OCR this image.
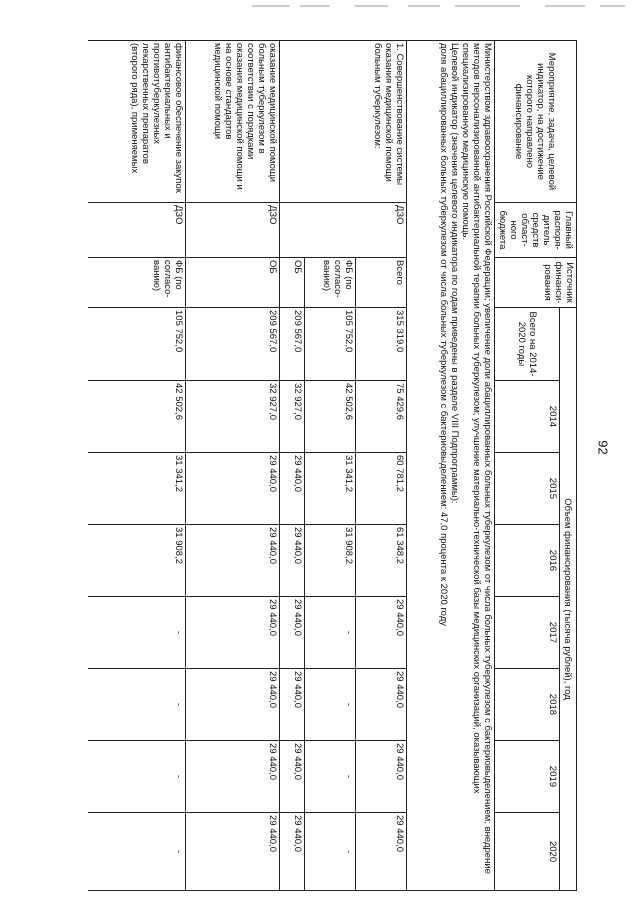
92
Мероприятие, задача, целевой индикатор, на достижение которого направлено финансирование	Главный распоря-дитель средств област-ного бюджета	Источник финанси-рования	Объем финансирования (тысяча рублей), год							
			Всего на 2014-2020 годы	2014	2015	2016	2017	2018	2019	2020

Министерством здравоохранения Российской Федерации; увеличение доли абациллированных больных туберкулезом от числа больных туберкулезом с бактериовыделением; внедрение методов персонализированной антибактериальной терапии больных туберкулезом; улучшение материально-технической базы медицинских организаций, оказывающих специализированную медицинскую помощь.
Целевой индикатор (значения целевого индикатора по годам приведены в разделе VIII Подпрограммы):
доля абациллированных больных туберкулезом от числа больных туберкулезом с бактериовыделением: 47,0 процента к 2020 году										

1. Совершенствование системы оказания медицинской помощи больным туберкулезом:	ДЗО	Всего	315 319,0	75 429,6	60 781,2	61 348,2	29 440,0	29 440,0	29 440,0	29 440,0
		ФБ (по согласо-ванию)	105 752,0	42 502,6	31 341,2	31 908,2	-	-	-	-
		ОБ	209 567,0	32 927,0	29 440,0	29 440,0	29 440,0	29 440,0	29 440,0	29 440,0
оказание медицинской помощи больным туберкулезом в соответствии с порядками оказания медицинской помощи и на основе стандартов медицинской помощи	ДЗО	ОБ	209 567,0	32 927,0	29 440,0	29 440,0	29 440,0	29 440,0	29 440,0	29 440,0
финансовое обеспечение закупок антибактериальных и противотуберкулезных лекарственных препаратов (второго ряда), применяемых	ДЗО	ФБ (по согласо-ванию)	105 752,0	42 502,6	31 341,2	31 908,2	-	-	-	-
